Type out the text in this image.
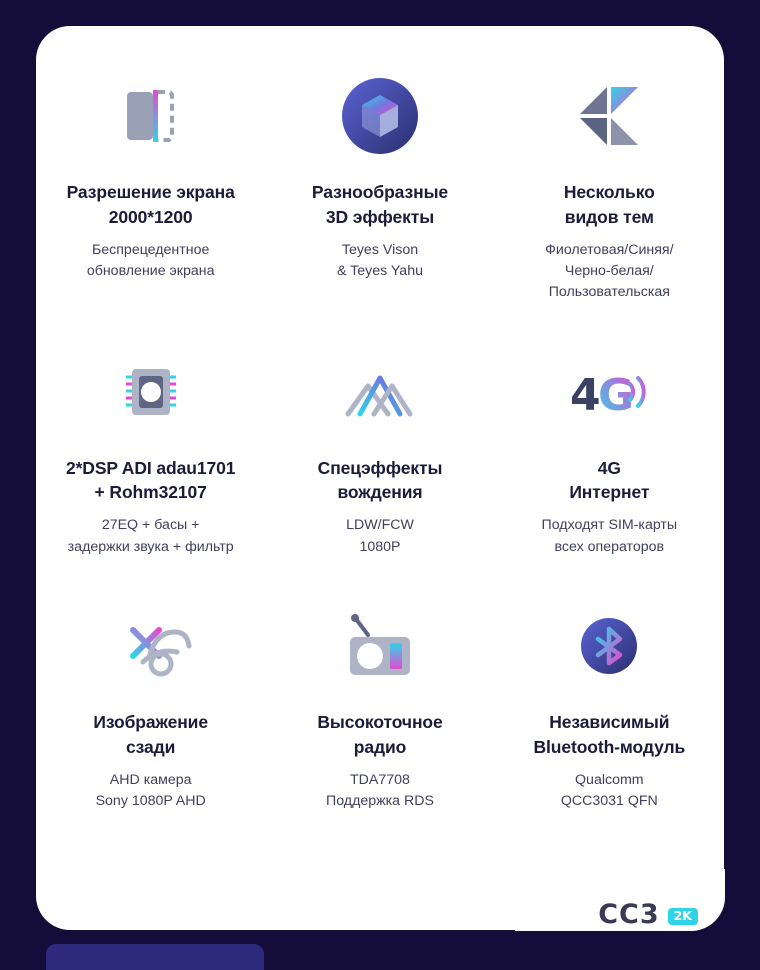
Разрешение экрана
2000*1200
Беспрецедентное
обновление экрана
Разнообразные
3D эффекты
Teyes Vison
& Teyes Yahu
Несколько
видов тем
Фиолетовая/Синяя/
Черно-белая/
Пользовательская
2*DSP ADI adau1701
+ Rohm32107
27EQ + басы +
задержки звука + фильтр
Спецэффекты
вождения
LDW/FCW
1080P
4
G
4G
Интернет
Подходят SIM-карты
всех операторов
Изображение
сзади
AHD камера
Sony 1080P AHD
Высокоточное
радио
TDA7708
Поддержка RDS
Независимый
Bluetooth-модуль
Qualcomm
QCC3031 QFN
CC3	2K
